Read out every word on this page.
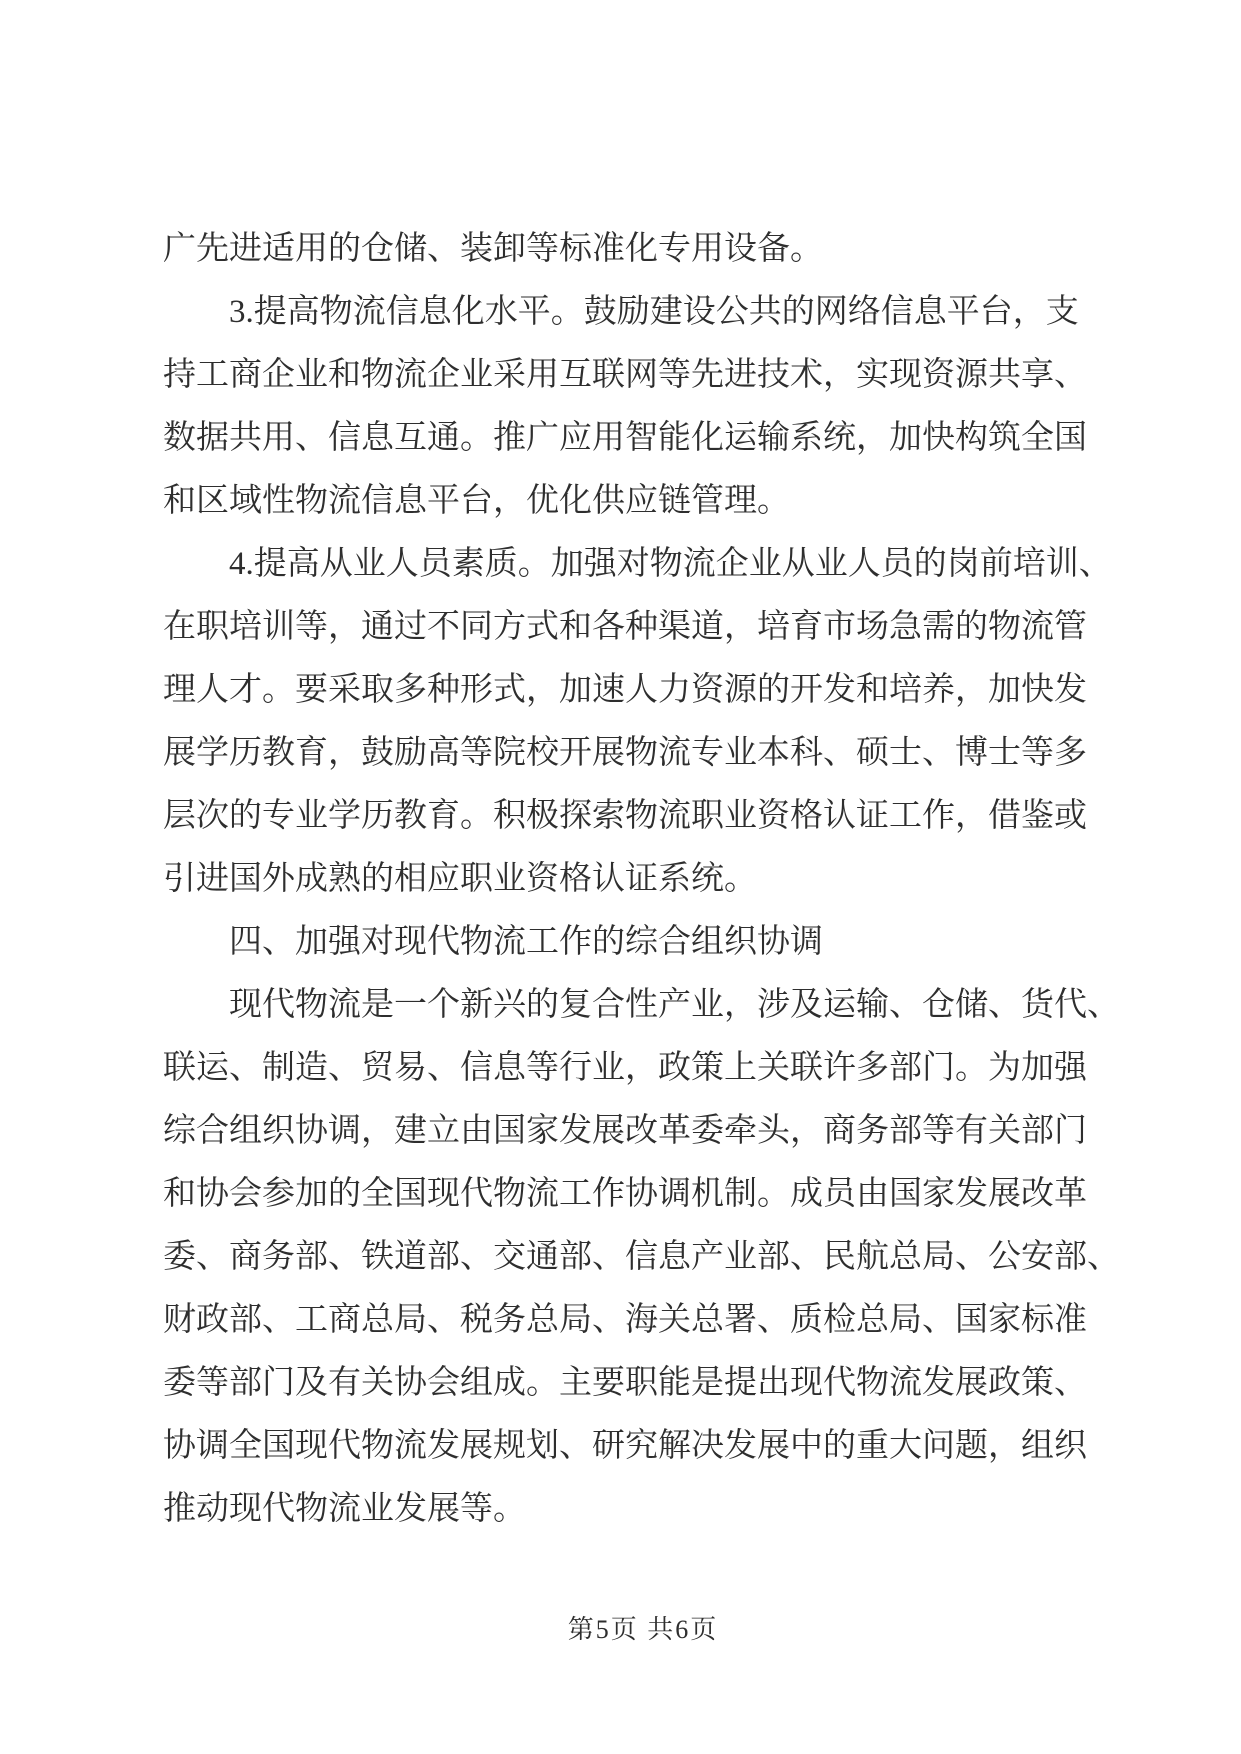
广先进适用的仓储、装卸等标准化专用设备。
3.提高物流信息化水平。鼓励建设公共的网络信息平台，支
持工商企业和物流企业采用互联网等先进技术，实现资源共享、
数据共用、信息互通。推广应用智能化运输系统，加快构筑全国
和区域性物流信息平台，优化供应链管理。
4.提高从业人员素质。加强对物流企业从业人员的岗前培训、
在职培训等，通过不同方式和各种渠道，培育市场急需的物流管
理人才。要采取多种形式，加速人力资源的开发和培养，加快发
展学历教育，鼓励高等院校开展物流专业本科、硕士、博士等多
层次的专业学历教育。积极探索物流职业资格认证工作，借鉴或
引进国外成熟的相应职业资格认证系统。
四、加强对现代物流工作的综合组织协调
现代物流是一个新兴的复合性产业，涉及运输、仓储、货代、
联运、制造、贸易、信息等行业，政策上关联许多部门。为加强
综合组织协调，建立由国家发展改革委牵头，商务部等有关部门
和协会参加的全国现代物流工作协调机制。成员由国家发展改革
委、商务部、铁道部、交通部、信息产业部、民航总局、公安部、
财政部、工商总局、税务总局、海关总署、质检总局、国家标准
委等部门及有关协会组成。主要职能是提出现代物流发展政策、
协调全国现代物流发展规划、研究解决发展中的重大问题，组织
推动现代物流业发展等。
第5页 共6页
